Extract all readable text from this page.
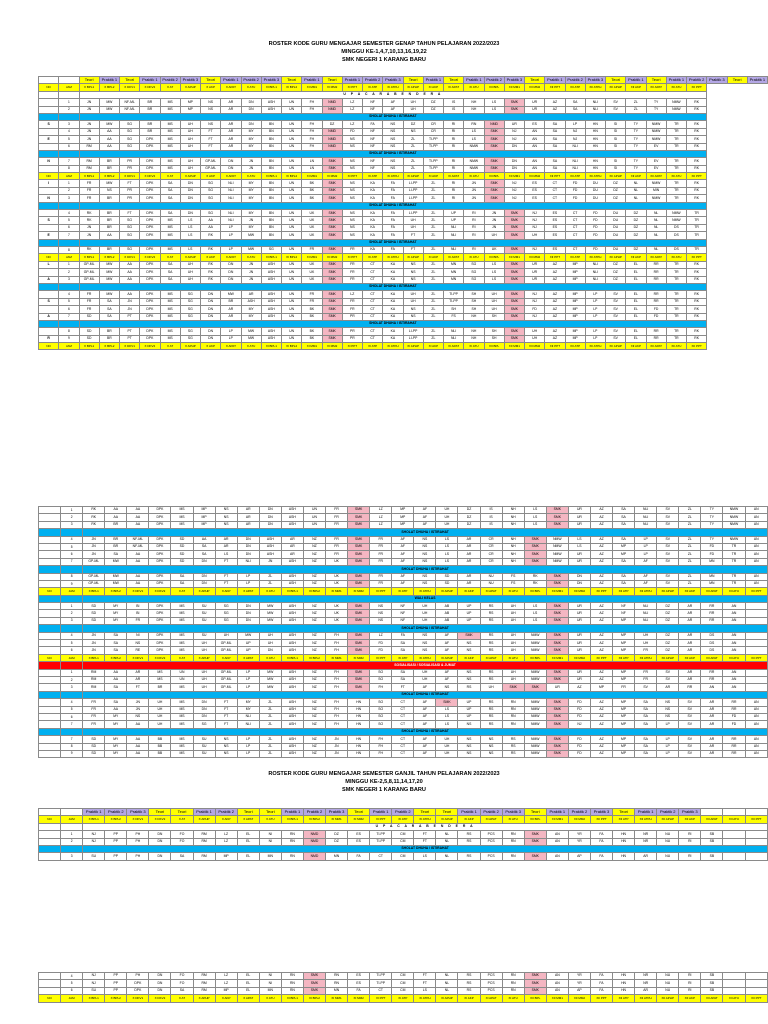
ROSTER KODE GURU MENGAJAR SEMESTER GENAP TAHUN PELAJARAN 2022/2023
MINGGU KE-1,4,7,10,13,16,19,22
SMK NEGERI 1 KARANG BARU
		Teori	Praktik 1	Teori	Praktik 1	Praktik 2	Praktik 3	Teori	Praktik 1	Praktik 2	Praktik 3	Teori	Praktik 1	Teori	Praktik 1	Praktik 2	Praktik 3	Teori	Praktik 1	Teori	Praktik 1	Praktik 2	Praktik 3	Teori	Praktik 1	Praktik 2	Praktik 3	Teori	Praktik 1	Teori	Praktik 1	Praktik 2	Praktik 3	Teori	Praktik 1
NO	JAM	X BPL1	X BPL2	X DKV1	X DKV2	X AT	X APHP	X AKP	X APAT	X ATU	XI BPL1	XI BPL2	XI MM1	XI MM2	XI PPT	XI ATP	XI ATPH	XI APHP	XI AKP	XI APAT	XI ATU	XII BPL	XII MM1	XII MM2	XII PPT	XII ATP	XII ATPH	XII APHP	XII AKP	XII APAT	XII ATU	XII PPT			
		U P A C A R A B E N D E R A																																	
	1	JN	MW	NF-ML	BR	MS	MP	NS	AR	DN	ASH	UN	FH	NMD	LZ	NF	AF	UH	DZ	IS	NH	LS	SMK	UR	AZ	SA	NLI	SV	ZL	TY	NMW	RK			
	2	JN	MW	NF-ML	BR	MS	MP	NS	AR	DN	ASH	UN	FH	NMD	LZ	NF	AF	UH	DZ	IS	NH	LS	SMK	UR	AZ	SA	NLI	SV	ZL	TY	NMW	RK			
		SHOLAT DHUHA / ISTIRAHAT																																	
S	3	JN	MW	SG	BR	MS	UH	NS	AR	DN	BN	UN	FH	DZ	LZ	FA	NS	DZ	CR	RI	RN	NMD	UR	ES	SA	LP	HN	SI	TY	NMW	TR	RK			
	4	JN	AA	SG	BR	MS	UH	FT	AR	MY	BN	UN	FH	NMD	FD	NF	NS	NS	CR	RI	LS	SMK	NJ	AN	SA	NJ	HN	SI	TY	NMW	TR	RK			
E	5	JN	AA	SG	DPK	MS	UH	FT	AR	MY	BN	UN	FH	NMD	NS	NF	NS	ZL	TI-PP	RI	LS	SMK	NJ	AN	SA	NJ	HN	SI	TY	NMW	TR	RK			
	6	RM	AA	SG	DPK	MS	UH	FT	AR	MY	BN	UN	FH	NMD	NS	NF	NS	ZL	TI-PP	RI	NMW	SMK	DN	AN	SA	NLI	HN	SI	TY	EV	TR	RK			
		SHOLAT DHUHA / ISTIRAHAT																																	
N	7	RM	BR	PR	DPK	MS	UH	GP-ML	DN	JN	BN	UN	LN	SMK	NS	NF	NS	ZL	TI-PP	RI	NMW	SMK	DN	AN	SA	NLI	HN	SI	TY	EV	TR	RK			
	8	RM	BR	PR	DPK	MS	UH	GP-ML	DN	JN	BN	UN	LN	SMK	NS	NF	NS	ZL	TI-PP	RI	NMW	SMK	DN	AN	SA	NLI	HN	SI	TY	EV	TR	RK			
NO	JAM	X BPL1	X BPL2	X DKV1	X DKV2	X AT	X APHP	X AKP	X APAT	X ATU	XI BPL1	XI BPL2	XI MM1	XI MM2	XI PPT	XI ATP	XI ATPH	XI APHP	XI AKP	XI APAT	XI ATU	XII BPL	XII MM1	XII MM2	XII PPT	XII ATP	XII ATPH	XII APHP	XII AKP	XII APAT	XII ATU	XII PPT			
I	1	FR	MW	FT	DPK	SA	DN	SG	NLI	MY	BN	UN	BK	SMK	NS	KA	FA	LI-PP	ZL	RI	JN	SMK	NJ	ES	CT	FD	DU	DZ	NL	NMW	TR	RK			
	2	FR	NS	PR	DPK	SA	DN	SG	NLI	MY	BN	UN	BK	SMK	NS	KA	FA	LI-PP	ZL	RI	JN	SMK	NJ	ES	CT	FD	DU	DZ	NL	MIN	TR	RK			
N	3	FR	BR	PR	DPK	SA	DN	SG	NLI	MY	BN	UN	BK	SMK	NS	KA	FA	LI-PP	ZL	RI	JN	SMK	NJ	ES	CT	FD	DU	DZ	NL	NMW	TR	RK			
		SHOLAT DHUHA / ISTIRAHAT																																	
	4	RK	BR	FT	DPK	SA	DN	SG	NLI	MY	BN	UN	UK	SMK	NS	KA	FA	LI-PP	ZL	UP	RI	JN	SMK	NJ	ES	CT	FD	DU	DZ	NL	NMW	TR			
S	5	RK	BR	SG	DPK	MS	LS	AA	NLI	JN	BN	UN	UK	SMK	NS	KA	FA	UH	ZL	UP	RI	JN	SMK	NJ	ES	CT	FD	DU	DZ	NL	NMW	TR			
	6	JN	BR	SG	DPK	MS	LS	AA	LP	MY	BN	UN	UK	SMK	NS	KA	FA	UH	ZL	NLI	RI	JN	SMK	NJ	ES	CT	FD	DU	DZ	NL	DS	TR			
E	7	JN	AA	SG	DPK	MS	LS	RK	LP	MW	BN	UN	UK	SMK	NS	KA	FA	FT	ZL	NLI	RI	UH	SMK	UH	ES	CT	FD	DU	DZ	NL	DS	TR			
		SHOLAT DHUHA / ISTIRAHAT																																	
	8	RK	BR	SG	DPK	MS	LS	RK	LP	MW	SG	UN	FR	SMK	FR	KA	FA	FT	ZL	NLI	RI	UK	SMK	NJ	ES	CT	FD	DU	DZ	NL	DS	TR			
NO	JAM	X BPL1	X BPL2	X DKV1	X DKV2	X AT	X APHP	X AKP	X APAT	X ATU	XI BPL1	XI BPL2	XI MM1	XI MM2	XI PPT	XI ATP	XI ATPH	XI APHP	XI AKP	XI APAT	XI ATU	XII BPL	XII MM1	XII MM2	XII PPT	XII ATP	XII ATPH	XII APHP	XII AKP	XII APAT	XII ATU	XII PPT			
L	1	GP-ML	MW	AA	DPK	SA	UH	RK	DN	JN	ASH	UN	UK	SMK	FR	CT	KA	NS	ZL	MN	SG	LS	SMK	UR	AZ	MP	NLI	DZ	EL	RR	TR	RK			
	2	GP-ML	MW	AA	DPK	SA	UH	RK	DN	JN	ASH	UN	UK	SMK	FR	CT	KA	NS	ZL	MN	SG	LS	SMK	UR	AZ	MP	NLI	DZ	EL	RR	TR	RK			
A	3	GP-ML	MW	AA	DPK	SA	UH	RK	DN	JN	ASH	UN	UK	SMK	FR	CT	KA	NS	ZL	MN	SG	LS	SMK	UR	AZ	MP	NLI	DZ	EL	RR	TR	RK			
		SHOLAT DHUHA / ISTIRAHAT																																	
	4	FR	MW	AA	DPK	MS	SG	DN	MW	AR	ASH	UN	FR	SMK	LZ	CT	KA	UH	ZL	TI-PP	SH	UH	SMK	NJ	AZ	MP	LP	SV	EL	RR	TR	RK			
S	5	FR	SA	JN	DPK	MS	SG	DN	BR	ASH	ASH	UN	FR	SMK	FR	CT	KA	UH	ZL	TI-PP	SH	UH	SMK	NJ	AZ	MP	LP	SV	EL	RR	TR	RK			
	6	FR	SA	JN	DPK	MS	SG	DN	AR	MY	ASH	UN	BK	SMK	FR	CT	KA	NS	ZL	SH	SH	UH	SMK	FD	AZ	MP	LP	SV	EL	FD	TR	RK			
A	7	SD	SA	PT	DPK	MS	SG	DN	AR	MY	ASH	UN	BK	SMK	PR	CT	KA	NS	ZL	FS	NH	SH	SMK	NJ	AZ	MP	LP	SV	EL	FD	TR	RK			
		SHOLAT DHUHA / ISTIRAHAT																																	
	8	SD	BR	PT	DPK	MS	SG	DN	LP	MW	ASH	UN	BK	SMK	PR	CT	KA	LI-PP	ZL	NLI	NH	SH	SMK	UH	AZ	MP	LP	SV	EL	RR	TR	RK			
R	9	SD	BR	PT	DPK	MS	SG	DN	LP	MW	ASH	UN	BK	SMK	PR	CT	KA	LI-PP	ZL	NLI	NH	SH	SMK	UH	AZ	MP	LP	SV	EL	RR	TR	RK			
NO	JAM	X BPL1	X BPL2	X DKV1	X DKV2	X AT	X APHP	X AKP	X APAT	X ATU	XI BPL1	XI BPL2	XI MM1	XI MM2	XI PPT	XI ATP	XI ATPH	XI APHP	XI AKP	XI APAT	XI ATU	XII BPL	XII MM1	XII MM2	XII PPT	XII ATP	XII ATPH	XII APHP	XII AKP	XII APAT	XII ATU	XII PPT			
	1	RK	AA	AA	DPK	MS	MP	NS	AR	DN	ASH	UN	FR	SMK	LZ	MP	AF	UH	DZ	IS	NH	LS	SMK	UR	AZ	SA	NLI	SV	ZL	TY	NMW	AN
	2	RK	AA	AA	DPK	MS	MP	NS	AR	DN	ASH	UN	FR	SMK	LZ	MP	AF	UH	DZ	IS	NH	LS	SMK	UR	AZ	SA	NLI	SV	ZL	TY	NMW	AN
	3	RK	BR	AA	DPK	MS	MP	NS	AR	DN	ASH	UN	FR	SMK	LZ	MP	AF	UH	DZ	IS	NH	LS	SMK	UR	AZ	SA	NLI	SV	ZL	TY	NMW	AN
		SHOLAT DHUHA / ISTIRAHAT																														
	4	JN	BR	NF-ML	DPK	SD	AA	AR	DN	ASH	AR	NZ	FR	SMK	FR	AF	NS	LS	AR	CR	NH	SMK	NMW	LS	AZ	SA	LP	SV	ZL	TY	NMW	AN
	5	JN	BR	NF-ML	DPK	SD	SA	AR	DN	ASH	AR	NZ	FR	SMK	FR	AF	NS	LS	AR	CR	NH	SMK	NMW	LS	AZ	MP	LP	SV	ZL	FD	TR	AN
	6	JN	SA	AA	DPK	SD	SA	LS	DN	ASH	AR	NZ	FR	SMK	FR	AF	NS	LS	AR	CR	NH	SMK	NMW	UR	AZ	MP	LP	SV	ZL	FD	TR	AN
	7	GP-ML	MW	AA	DPK	SD	DN	FT	NLI	JN	ASH	NZ	UK	SMK	FR	AF	NS	LS	AR	CR	NH	SMK	NMW	UR	AZ	SA	AF	SV	ZL	MN	TR	AN
		SHOLAT DHUHA / ISTIRAHAT																														
	8	GP-ML	MW	AA	DPK	SA	DN	FT	LP	ZL	ASH	NZ	UK	SMK	FR	AF	NS	SD	AR	NU	FS	RK	SMK	DN	AZ	SA	AF	SV	ZL	MN	TR	AN
	9	GP-ML	MW	AA	DPK	SA	DN	FT	LP	ZL	ASH	NZ	UK	SMK	FR	AF	NS	SD	AR	NU	FS	RK	SMK	DN	AZ	SA	AF	SV	ZL	MN	TR	AN
NO	JAM	X BPL1	X BPL2	X DKV1	X DKV2	X AT	X APHP	X AKP	X APAT	X ATU	XI BPL1	XI BPL2	XI MM1	XI MM2	XI PPT	XI ATP	XI ATPH	XI APHP	XI AKP	XI APAT	XI ATU	XII BPL	XII MM1	XII MM2	XII PPT	XII ATP	XII ATPH	XII APHP	XII AKP	XII APAT	XII ATU	XII PPT
		WALI KELAS																														
	1	SD	MY	BI	DPK	MS	SU	SG	DN	MW	ASH	NZ	UK	SMK	NS	NF	UH	AB	UP	RS	UH	LS	SMK	UR	AZ	NF	NLI	DZ	AR	RR	AN	
	2	SD	MY	BI	DPK	MS	SU	SG	DN	MW	ASH	NZ	UK	SMK	NS	NF	UH	AB	UP	RS	UH	LS	SMK	UR	AZ	NF	NLI	DZ	AR	RR	AN	
	3	SD	MY	FR	DPK	MS	SU	SG	DN	MW	ASH	NZ	UK	SMK	NS	NF	UH	AB	UP	RS	UH	LS	SMK	UR	AZ	MP	NLI	DZ	AR	RR	AN	
		SHOLAT DHUHA / ISTIRAHAT																														
	4	JN	SA	NI	DPK	MS	SU	UH	MW	UH	ASH	NZ	FH	SMK	LZ	FA	NS	AF	SMK	RS	UH	NMW	SMK	UR	AZ	MP	UH	DZ	AR	DS	AN	
	5	JN	SA	NS	DPK	MS	UH	GP-ML	UP	UH	ASH	NZ	FH	SMK	FD	SA	NS	AF	NS	RS	UH	NMW	SMK	UR	AZ	MP	UH	DZ	AR	DS	AN	
	6	JN	SA	RE	DPK	MS	UH	GP-ML	UP	DN	ASH	NZ	FH	SMK	FD	SA	NS	AF	NS	RS	UH	NMW	SMK	UR	AZ	MP	FR	DZ	AR	DS	AN	
NO	JAM	X BPL1	X BPL2	X DKV1	X DKV2	X AT	X APHP	X AKP	X APAT	X ATU	XI BPL1	XI BPL2	XI MM1	XI MM2	XI PPT	XI ATP	XI ATPH	XI APHP	XI AKP	XI APAT	XI ATU	XII BPL	XII MM1	XII MM2	XII PPT	XII ATP	XII ATPH	XII APHP	XII AKP	XII APAT	XII ATU	XII PPT
		SOSIALISASI / SOSIALISASI & JUMAT																														
	1	RM	AA	AR	MS	UN	UH	GP-ML	LP	MW	ASH	NZ	FH	SMK	SO	SA	UH	AF	NS	RS	UH	NMW	SMK	UR	AZ	MP	FR	SV	AR	RR	AN	
	2	RM	AA	AR	MS	UN	UH	GP-ML	LP	MW	ASH	NZ	FH	SMK	SO	SA	UH	AF	NS	RS	UH	NMW	SMK	UR	AZ	MP	FR	SV	AR	RR	AN	
	3	RM	SA	FT	BR	MS	UH	GP-ML	LP	MW	ASH	NZ	FH	SMK	FH	FT	AF	NS	RS	UH	SMK	SMK	UR	AZ	MP	FR	SV	AR	RR	AN	AN	
		SHOLAT DHUHA / ISTIRAHAT																														
	4	FR	SA	JN	UH	MS	DN	FT	MY	ZL	ASH	NZ	FH	HN	SO	CT	AF	SMK	UP	RS	RN	NMW	SMK	FD	AZ	MP	SA	NS	SV	AR	RR	AN
	5	FR	AA	JN	UH	MS	DN	FT	MY	ZL	ASH	NZ	FH	HN	SO	CT	AF	LS	UP	RS	RN	NMW	SMK	FD	AZ	MP	SA	NS	SV	AR	RR	AN
	6	FR	MY	NS	UH	MS	DN	FT	NLI	ZL	ASH	NZ	FH	HN	SO	CT	AF	LS	UP	RS	RN	NMW	SMK	FD	AZ	MP	SA	NS	SV	AR	FD	AN
	7	FR	MY	AA	UH	MS	SG	FT	NLI	ZL	ASH	NZ	FH	HN	SO	CT	AF	LS	NS	RS	RN	NMW	SMK	NJ	AZ	MP	SA	LP	SV	AR	FD	AN
		SHOLAT DHUHA / ISTIRAHAT																														
	7	SD	MY	AA	BB	MS	SU	NS	LP	ZL	ASH	NZ	JN	HN	FH	CT	AF	UH	NS	NS	RS	NMW	SMK	FD	AZ	MP	SA	LP	SV	AR	RR	AN
	8	SD	MY	AA	BB	MS	SU	NS	LP	ZL	ASH	NZ	JN	HN	FH	CT	AF	UH	NS	NS	RS	NMW	SMK	FD	AZ	MP	SA	LP	SV	AR	RR	AN
	9	SD	MY	AA	BB	MS	SU	NS	LP	ZL	ASH	NZ	JN	HN	FH	CT	AF	UH	NS	NS	RS	NMW	SMK	FD	AZ	MP	SA	LP	SV	AR	RR	AN
ROSTER KODE GURU MENGAJAR SEMESTER GANJIL TAHUN PELAJARAN 2022/2023
MINGGU KE-2,5,8,11,14,17,20
SMK NEGERI 1 KARANG BARU
		Praktik 1	Praktik 2	Praktik 3	Teori	Teori	Praktik 1	Praktik 2	Teori	Teori	Praktik 1	Praktik 2	Praktik 3	Teori	Praktik 1	Praktik 2	Teori	Teori	Praktik 1	Praktik 2	Praktik 3	Teori	Praktik 1	Praktik 2	Praktik 3	Teori	Praktik 1	Praktik 2	Praktik 3			
NO	JAM	X BPL1	X BPL2	X DKV1	X DKV2	X AT	X APHP	X AKP	X APAT	X ATU	XI BPL1	XI BPL2	XI MM1	XI MM2	XI PPT	XI ATP	XI ATPH	XI APHP	XI AKP	XI APAT	XI ATU	XII BPL	XII MM1	XII MM2	XII PPT	XII ATP	XII ATPH	XII APHP	XII AKP	XII APAT	XII ATU	XII PPT
		U P A C A R A B E N D E R A																														
	1	NJ	PP	PH	DN	FO	RM	LZ	EL	NI	RN	NMD	DZ	ES	TI-PP	CM	FT	NL	RS	PCS	RN	SMK	AN	YR	FA	HN	NR	NU	RI	SB		
	2	NJ	PP	PH	DN	FO	RM	LZ	EL	NI	RN	NMD	DZ	ES	TI-PP	CM	FT	NL	RS	PCS	RN	SMK	AN	YR	FA	HN	NR	NU	RI	SB		
		SHOLAT DHUHA / ISTIRAHAT																														
	3	SU	PP	PH	DN	SA	RM	MP	EL	MN	RN	NMD	MN	FA	CT	CM	LS	NL	RS	PCS	RN	SMK	AN	AP	FA	HN	AR	NU	RI	SB		
	4	NJ	PP	PH	DN	FO	RM	LZ	EL	NI	RN	SMK	RN	ES	TI-PP	CM	FT	NL	RS	PCS	RN	SMK	AN	YR	FA	HN	NR	NU	RI	SB		
	5	NJ	PP	DPK	DN	FO	RM	LZ	EL	NI	RN	SMK	RN	ES	TI-PP	CM	FT	NL	RS	PCS	RN	SMK	AN	YR	FA	HN	NR	NU	RI	SB		
	6	SU	PP	DPK	DN	SA	RM	MP	EL	MN	RN	SMK	MN	FA	CT	CM	LS	NL	RS	PCS	RN	SMK	AN	AP	FA	HN	AR	NU	RI	SB		
NO	JAM	X BPL1	X BPL2	X DKV1	X DKV2	X AT	X APHP	X AKP	X APAT	X ATU	XI BPL1	XI BPL2	XI MM1	XI MM2	XI PPT	XI ATP	XI ATPH	XI APHP	XI AKP	XI APAT	XI ATU	XII BPL	XII MM1	XII MM2	XII PPT	XII ATP	XII ATPH	XII APHP	XII AKP	XII APAT	XII ATU	XII PPT
